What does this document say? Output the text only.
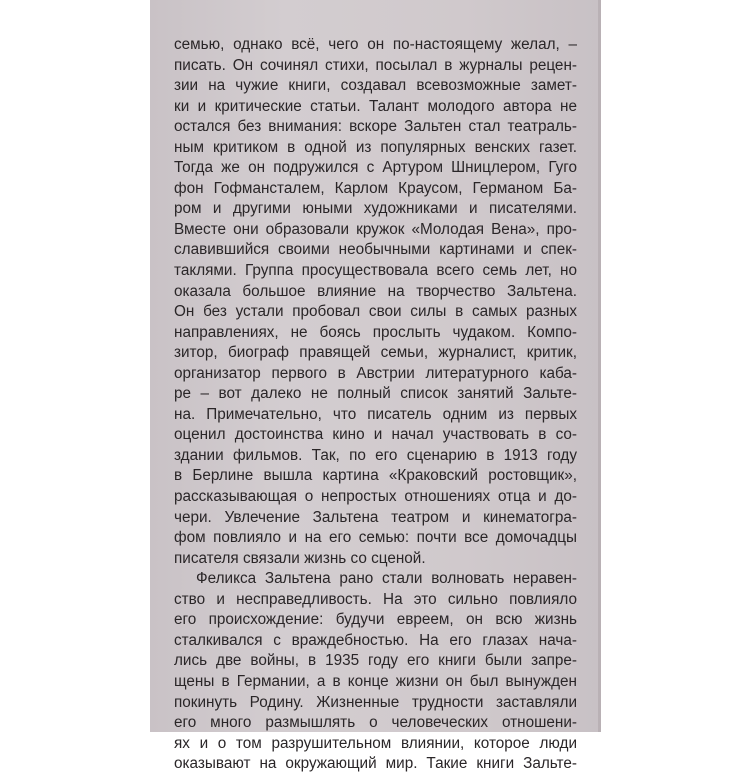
семью, однако всё, чего он по-настоящему желал, –
писать. Он сочинял стихи, посылал в журналы рецен-
зии на чужие книги, создавал всевозможные замет-
ки и критические статьи. Талант молодого автора не
остался без внимания: вскоре Зальтен стал театраль-
ным критиком в одной из популярных венских газет.
Тогда же он подружился с Артуром Шницлером, Гуго
фон Гофмансталем, Карлом Краусом, Германом Ба-
ром и другими юными художниками и писателями.
Вместе они образовали кружок «Молодая Вена», про-
славившийся своими необычными картинами и спек-
таклями. Группа просуществовала всего семь лет, но
оказала большое влияние на творчество Зальтена.
Он без устали пробовал свои силы в самых разных
направлениях, не боясь прослыть чудаком. Компо-
зитор, биограф правящей семьи, журналист, критик,
организатор первого в Австрии литературного каба-
ре – вот далеко не полный список занятий Зальте-
на. Примечательно, что писатель одним из первых
оценил достоинства кино и начал участвовать в со-
здании фильмов. Так, по его сценарию в 1913 году
в Берлине вышла картина «Краковский ростовщик»,
рассказывающая о непростых отношениях отца и до-
чери. Увлечение Зальтена театром и кинематогра-
фом повлияло и на его семью: почти все домочадцы
писателя связали жизнь со сценой.
Феликса Зальтена рано стали волновать неравен-
ство и несправедливость. На это сильно повлияло
его происхождение: будучи евреем, он всю жизнь
сталкивался с враждебностью. На его глазах нача-
лись две войны, в 1935 году его книги были запре-
щены в Германии, а в конце жизни он был вынужден
покинуть Родину. Жизненные трудности заставляли
его много размышлять о человеческих отношени-
ях и о том разрушительном влиянии, которое люди
оказывают на окружающий мир. Такие книги Зальте-
